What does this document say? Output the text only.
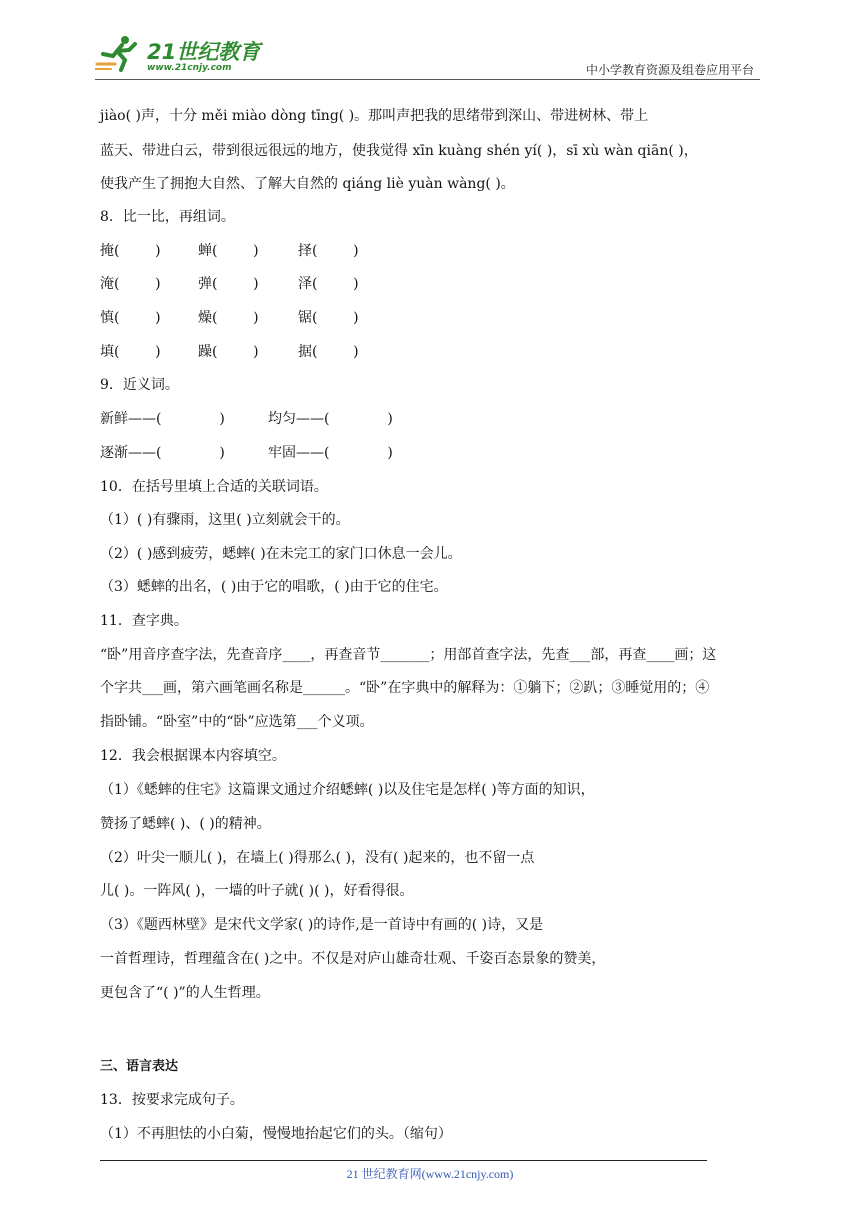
21世纪教育
www.21cnjy.com	中小学教育资源及组卷应用平台
jiào( )声，十分 měi miào dòng tīng( )。那叫声把我的思绪带到深山、带进树林、带上
蓝天、带进白云，带到很远很远的地方，使我觉得 xīn kuàng shén yí( )，sī xù wàn qiān( )，
使我产生了拥抱大自然、了解大自然的 qiáng liè yuàn wàng( )。
8．比一比，再组词。
掩(        )	蝉(        )	择(        )
淹(        )	弹(        )	泽(        )
慎(        )	燥(        )	锯(        )
填(        )	躁(        )	据(        )
9．近义词。
新鲜——(             )	均匀——(             )
逐渐——(             )	牢固——(             )
10．在括号里填上合适的关联词语。
（1）( )有骤雨，这里( )立刻就会干的。
（2）( )感到疲劳，蟋蟀( )在未完工的家门口休息一会儿。
（3）蟋蟀的出名，( )由于它的唱歌，( )由于它的住宅。
11．查字典。
“卧”用音序查字法，先查音序____，再查音节_______；用部首查字法，先查___部，再查____画；这
个字共___画，第六画笔画名称是______。“卧”在字典中的解释为：①躺下；②趴；③睡觉用的；④
指卧铺。“卧室”中的“卧”应选第___个义项。
12．我会根据课本内容填空。
（1）《蟋蟀的住宅》这篇课文通过介绍蟋蟀( )以及住宅是怎样( )等方面的知识，
赞扬了蟋蟀( )、( )的精神。
（2）叶尖一顺儿( )，在墙上( )得那么( )，没有( )起来的，也不留一点
儿( )。一阵风( )，一墙的叶子就( )( )，好看得很。
（3）《题西林壁》是宋代文学家( )的诗作,是一首诗中有画的( )诗，又是
一首哲理诗，哲理蕴含在( )之中。不仅是对庐山雄奇壮观、千姿百态景象的赞美，
更包含了“( )”的人生哲理。
三、语言表达
13．按要求完成句子。
（1）不再胆怯的小白菊，慢慢地抬起它们的头。（缩句）
21 世纪教育网(www.21cnjy.com)
